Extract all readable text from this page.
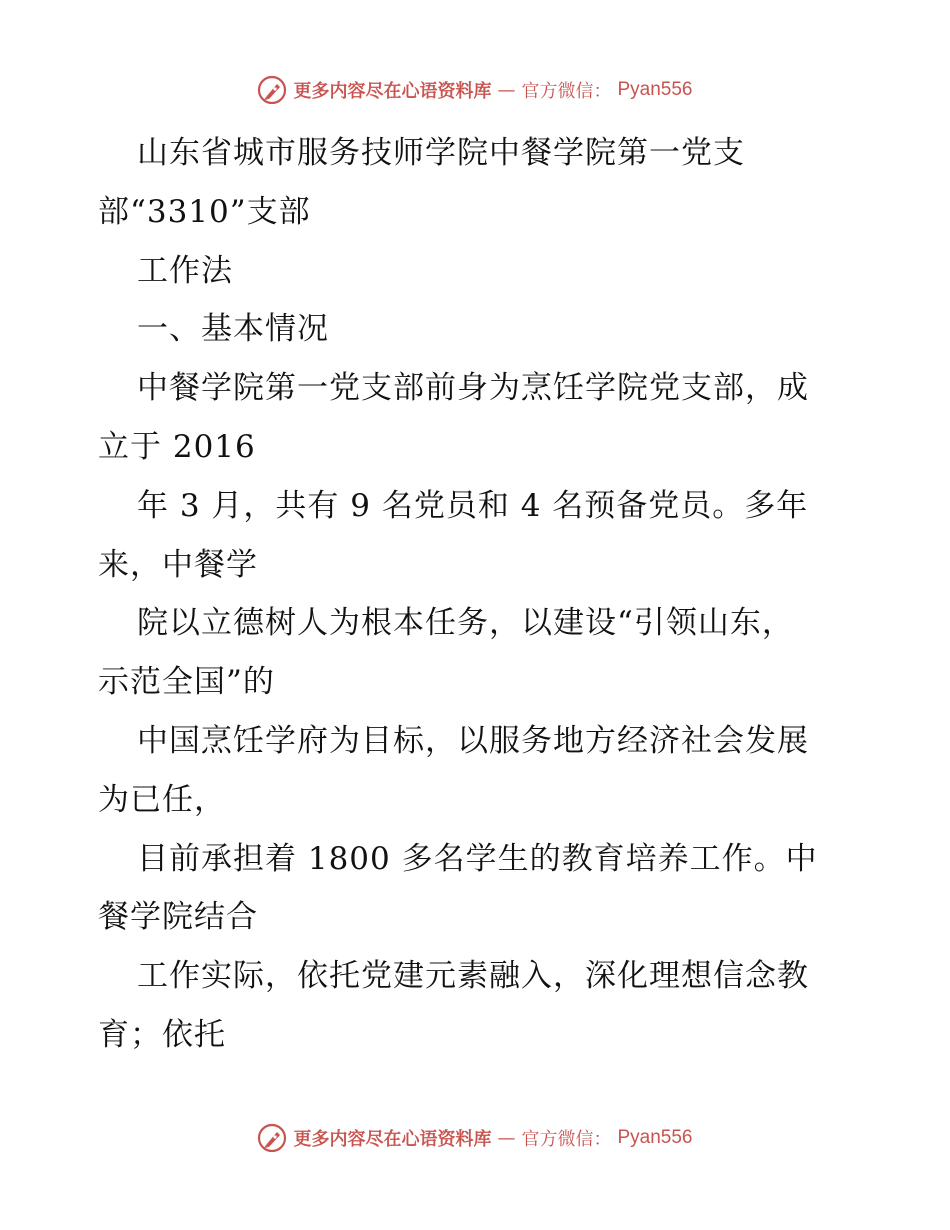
更多内容尽在心语资料库 — 官方微信： Pyan556
山东省城市服务技师学院中餐学院第一党支
部“3310”支部
工作法
一、基本情况
中餐学院第一党支部前身为烹饪学院党支部，成
立于 2016
年 3 月，共有 9 名党员和 4 名预备党员。多年
来，中餐学
院以立德树人为根本任务，以建设“引领山东，
示范全国”的
中国烹饪学府为目标，以服务地方经济社会发展
为已任，
目前承担着 1800 多名学生的教育培养工作。中
餐学院结合
工作实际，依托党建元素融入，深化理想信念教
育；依托
更多内容尽在心语资料库 — 官方微信： Pyan556
